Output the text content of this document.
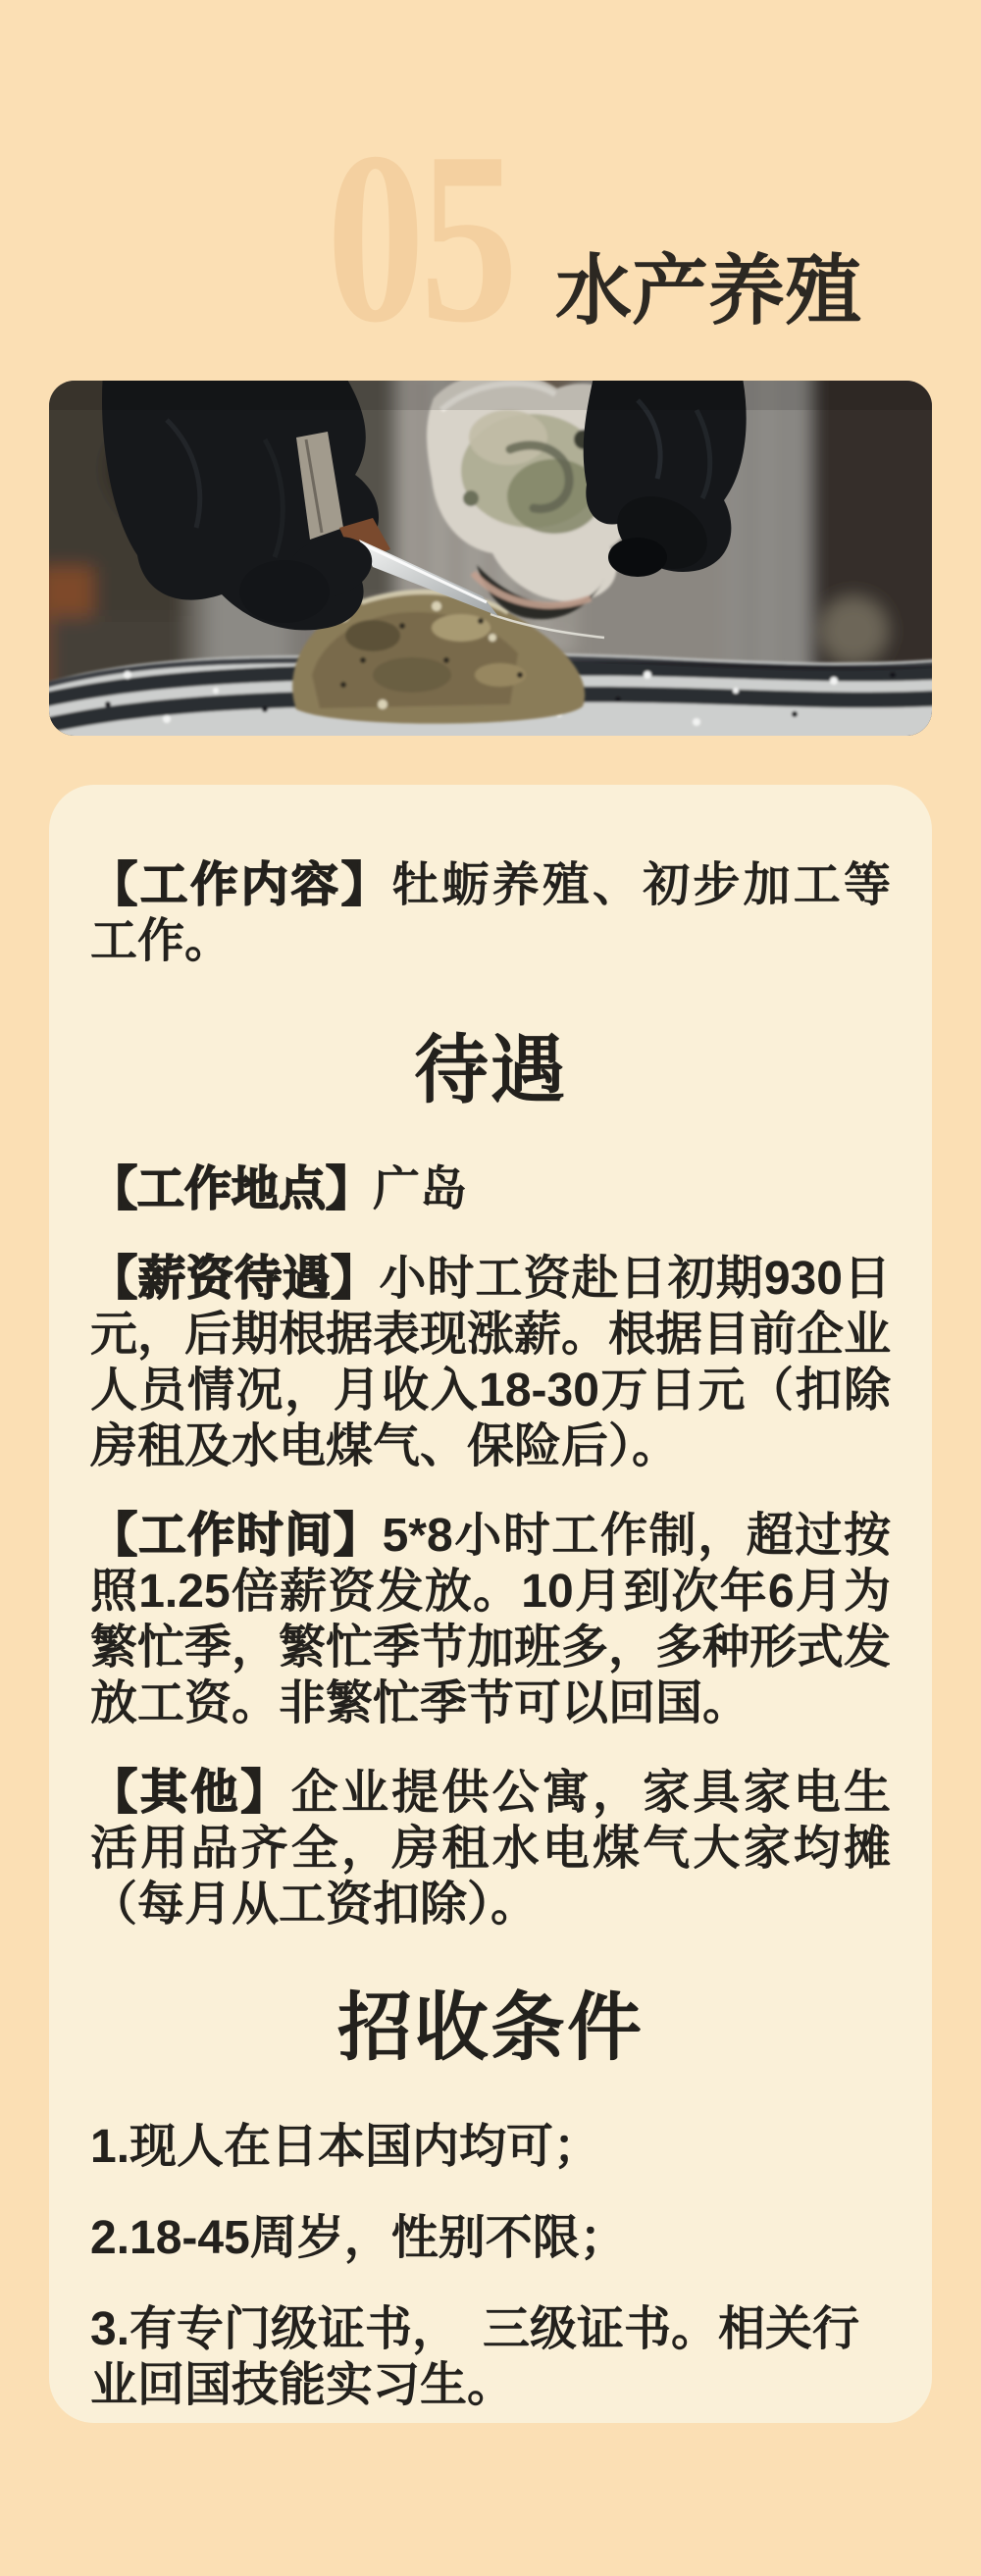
05 水产养殖

【工作内容】牡蛎养殖、初步加工等工作。

待遇

【工作地点】广岛

【薪资待遇】小时工资赴日初期930日元，后期根据表现涨薪。根据目前企业人员情况，月收入18-30万日元（扣除房租及水电煤气、保险后）。

【工作时间】5*8小时工作制，超过按照1.25倍薪资发放。10月到次年6月为繁忙季，繁忙季节加班多，多种形式发放工资。非繁忙季节可以回国。

【其他】企业提供公寓，家具家电生活用品齐全，房租水电煤气大家均摊（每月从工资扣除）。

招收条件

1.现人在日本国内均可；

2.18-45周岁，性别不限；

3.有专门级证书，　三级证书。相关行业回国技能实习生。
